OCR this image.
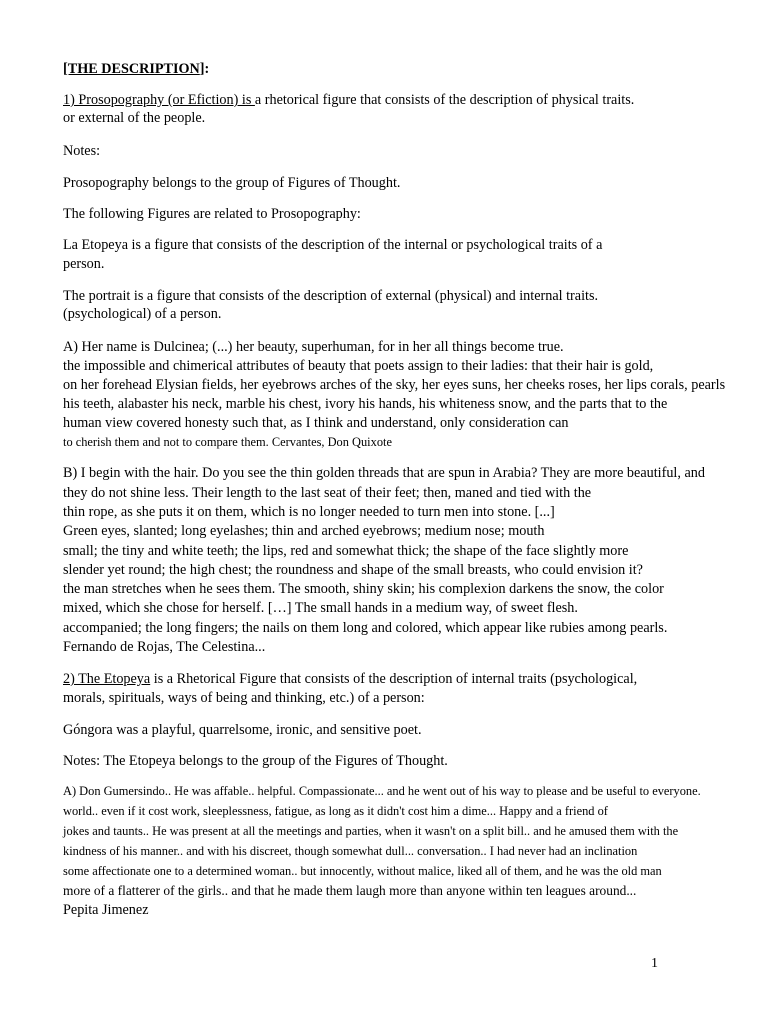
[THE DESCRIPTION]:
1) Prosopography (or Efiction) is a rhetorical figure that consists of the description of physical traits.
or external of the people.
Notes:
Prosopography belongs to the group of Figures of Thought.
The following Figures are related to Prosopography:
La Etopeya is a figure that consists of the description of the internal or psychological traits of a
person.
The portrait is a figure that consists of the description of external (physical) and internal traits.
(psychological) of a person.
A) Her name is Dulcinea; (...) her beauty, superhuman, for in her all things become true.
the impossible and chimerical attributes of beauty that poets assign to their ladies: that their hair is gold,
on her forehead Elysian fields, her eyebrows arches of the sky, her eyes suns, her cheeks roses, her lips corals, pearls
his teeth, alabaster his neck, marble his chest, ivory his hands, his whiteness snow, and the parts that to the
human view covered honesty such that, as I think and understand, only consideration can
to cherish them and not to compare them. Cervantes, Don Quixote
B) I begin with the hair. Do you see the thin golden threads that are spun in Arabia? They are more beautiful, and
they do not shine less. Their length to the last seat of their feet; then, maned and tied with the
thin rope, as she puts it on them, which is no longer needed to turn men into stone. [...]
Green eyes, slanted; long eyelashes; thin and arched eyebrows; medium nose; mouth
small; the tiny and white teeth; the lips, red and somewhat thick; the shape of the face slightly more
slender yet round; the high chest; the roundness and shape of the small breasts, who could envision it?
the man stretches when he sees them. The smooth, shiny skin; his complexion darkens the snow, the color
mixed, which she chose for herself. […] The small hands in a medium way, of sweet flesh.
accompanied; the long fingers; the nails on them long and colored, which appear like rubies among pearls.
Fernando de Rojas, The Celestina...
2) The Etopeya is a Rhetorical Figure that consists of the description of internal traits (psychological,
morals, spirituals, ways of being and thinking, etc.) of a person:
Góngora was a playful, quarrelsome, ironic, and sensitive poet.
Notes: The Etopeya belongs to the group of the Figures of Thought.
A) Don Gumersindo.. He was affable.. helpful. Compassionate... and he went out of his way to please and be useful to everyone.
world.. even if it cost work, sleeplessness, fatigue, as long as it didn't cost him a dime... Happy and a friend of
jokes and taunts.. He was present at all the meetings and parties, when it wasn't on a split bill.. and he amused them with the
kindness of his manner.. and with his discreet, though somewhat dull... conversation.. I had never had an inclination
some affectionate one to a determined woman.. but innocently, without malice, liked all of them, and he was the old man
more of a flatterer of the girls.. and that he made them laugh more than anyone within ten leagues around...
Pepita Jimenez
1
